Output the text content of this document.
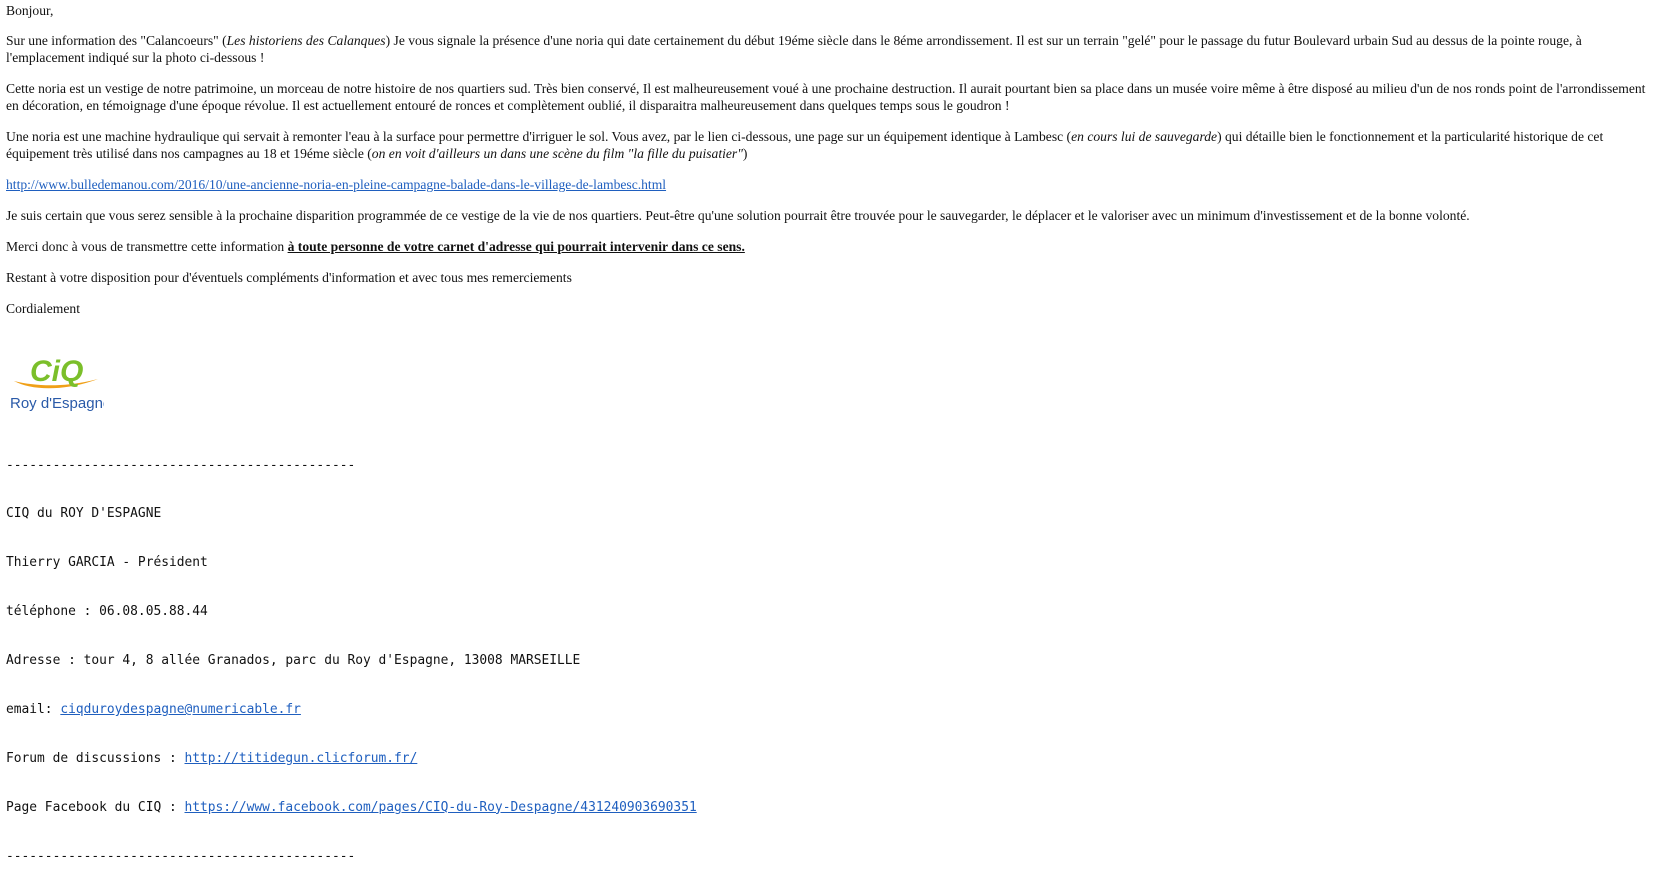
Bonjour,

Sur une information des "Calancoeurs" (Les historiens des Calanques) Je vous signale la présence d'une noria qui date certainement du début 19éme siècle dans le 8éme arrondissement. Il est sur un terrain "gelé" pour le passage du futur Boulevard urbain Sud au dessus de la pointe rouge, à l'emplacement indiqué sur la photo ci-dessous !

Cette noria est un vestige de notre patrimoine, un morceau de notre histoire de nos quartiers sud. Très bien conservé, Il est malheureusement voué à une prochaine destruction. Il aurait pourtant bien sa place dans un musée voire même à être disposé au milieu d'un de nos ronds point de l'arrondissement en décoration, en témoignage d'une époque révolue. Il est actuellement entouré de ronces et complètement oublié, il disparaitra malheureusement dans quelques temps sous le goudron !

Une noria est une machine hydraulique qui servait à remonter l'eau à la surface pour permettre d'irriguer le sol. Vous avez, par le lien ci-dessous, une page sur un équipement identique à Lambesc (en cours lui de sauvegarde) qui détaille bien le fonctionnement et la particularité historique de cet équipement très utilisé dans nos campagnes au 18 et 19éme siècle (on en voit d'ailleurs un dans une scène du film "la fille du puisatier")

http://www.bulledemanou.com/2016/10/une-ancienne-noria-en-pleine-campagne-balade-dans-le-village-de-lambesc.html

Je suis certain que vous serez sensible à la prochaine disparition programmée de ce vestige de la vie de nos quartiers. Peut-être qu'une solution pourrait être trouvée pour le sauvegarder, le déplacer et le valoriser avec un minimum d'investissement et de la bonne volonté.

Merci donc à vous de transmettre cette information à toute personne de votre carnet d'adresse qui pourrait intervenir dans ce sens.

Restant à votre disposition pour d'éventuels compléments d'information et avec tous mes remerciements

Cordialement

CiQ
Roy d'Espagne

---------------------------------------------

CIQ du ROY D'ESPAGNE

Thierry GARCIA - Président

téléphone : 06.08.05.88.44

Adresse : tour 4, 8 allée Granados, parc du Roy d'Espagne, 13008 MARSEILLE

email: ciqduroydespagne@numericable.fr

Forum de discussions : http://titidegun.clicforum.fr/

Page Facebook du CIQ : https://www.facebook.com/pages/CIQ-du-Roy-Despagne/431240903690351

---------------------------------------------
